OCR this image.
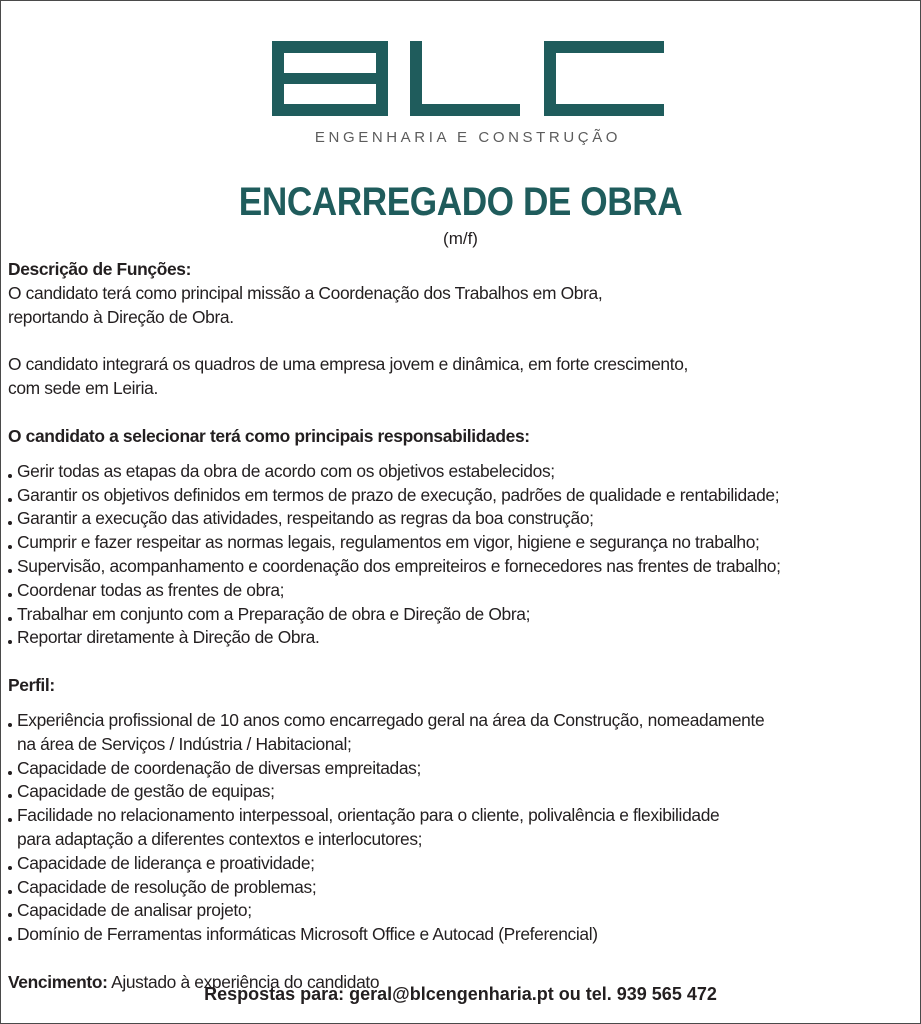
ENGENHARIA E CONSTRUÇÃO
ENCARREGADO DE OBRA
(m/f)

Descrição de Funções:

O candidato terá como principal missão a Coordenação dos Trabalhos em Obra,

reportando à Direção de Obra.

O candidato integrará os quadros de uma empresa jovem e dinâmica, em forte crescimento,

com sede em Leiria.

O candidato a selecionar terá como principais responsabilidades:

Gerir todas as etapas da obra de acordo com os objetivos estabelecidos;
Garantir os objetivos definidos em termos de prazo de execução, padrões de qualidade e rentabilidade;
Garantir a execução das atividades, respeitando as regras da boa construção;
Cumprir e fazer respeitar as normas legais, regulamentos em vigor, higiene e segurança no trabalho;
Supervisão, acompanhamento e coordenação dos empreiteiros e fornecedores nas frentes de trabalho;
Coordenar todas as frentes de obra;
Trabalhar em conjunto com a Preparação de obra e Direção de Obra;
Reportar diretamente à Direção de Obra.

Perfil:

Experiência profissional de 10 anos como encarregado geral na área da Construção, nomeadamente
na área de Serviços / Indústria / Habitacional;
Capacidade de coordenação de diversas empreitadas;
Capacidade de gestão de equipas;
Facilidade no relacionamento interpessoal, orientação para o cliente, polivalência e flexibilidade
para adaptação a diferentes contextos e interlocutores;
Capacidade de liderança e proatividade;
Capacidade de resolução de problemas;
Capacidade de analisar projeto;
Domínio de Ferramentas informáticas Microsoft Office e Autocad (Preferencial)

Vencimento: Ajustado à experiência do candidato

Respostas para: geral@blcengenharia.pt ou tel. 939 565 472
